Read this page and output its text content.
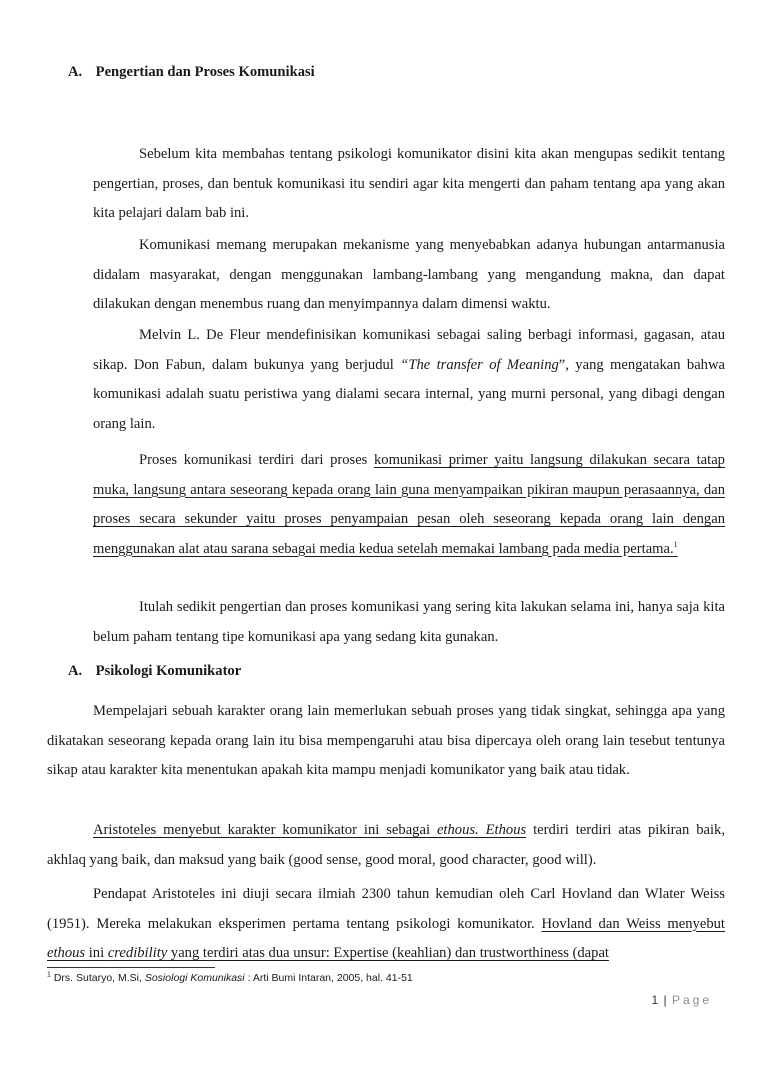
A. Pengertian dan Proses Komunikasi
Sebelum kita membahas tentang psikologi komunikator disini kita akan mengupas sedikit tentang pengertian, proses, dan bentuk komunikasi itu sendiri agar kita mengerti dan paham tentang apa yang akan kita pelajari dalam bab ini.
Komunikasi memang merupakan mekanisme yang menyebabkan adanya hubungan antarmanusia didalam masyarakat, dengan menggunakan lambang-lambang yang mengandung makna, dan dapat dilakukan dengan menembus ruang dan menyimpannya dalam dimensi waktu.
Melvin L. De Fleur mendefinisikan komunikasi sebagai saling berbagi informasi, gagasan, atau sikap. Don Fabun, dalam bukunya yang berjudul “The transfer of Meaning”, yang mengatakan bahwa komunikasi adalah suatu peristiwa yang dialami secara internal, yang murni personal, yang dibagi dengan orang lain.
Proses komunikasi terdiri dari proses komunikasi primer yaitu langsung dilakukan secara tatap muka, langsung antara seseorang kepada orang lain guna menyampaikan pikiran maupun perasaannya, dan proses secara sekunder yaitu proses penyampaian pesan oleh seseorang kepada orang lain dengan menggunakan alat atau sarana sebagai media kedua setelah memakai lambang pada media pertama.$^1$
Itulah sedikit pengertian dan proses komunikasi yang sering kita lakukan selama ini, hanya saja kita belum paham tentang tipe komunikasi apa yang sedang kita gunakan.
A. Psikologi Komunikator
Mempelajari sebuah karakter orang lain memerlukan sebuah proses yang tidak singkat, sehingga apa yang dikatakan seseorang kepada orang lain itu bisa mempengaruhi atau bisa dipercaya oleh orang lain tesebut tentunya sikap atau karakter kita menentukan apakah kita mampu menjadi komunikator yang baik atau tidak.
Aristoteles menyebut karakter komunikator ini sebagai ethous. Ethous terdiri terdiri atas pikiran baik, akhlaq yang baik, dan maksud yang baik (good sense, good moral, good character, good will).
Pendapat Aristoteles ini diuji secara ilmiah 2300 tahun kemudian oleh Carl Hovland dan Wlater Weiss (1951). Mereka melakukan eksperimen pertama tentang psikologi komunikator. Hovland dan Weiss menyebut ethous ini credibility yang terdiri atas dua unsur: Expertise (keahlian) dan trustworthiness (dapat
$^1$ Drs. Sutaryo, M.Si, Sosiologi Komunikasi : Arti Bumi Intaran, 2005, hal. 41-51
1 | Page
